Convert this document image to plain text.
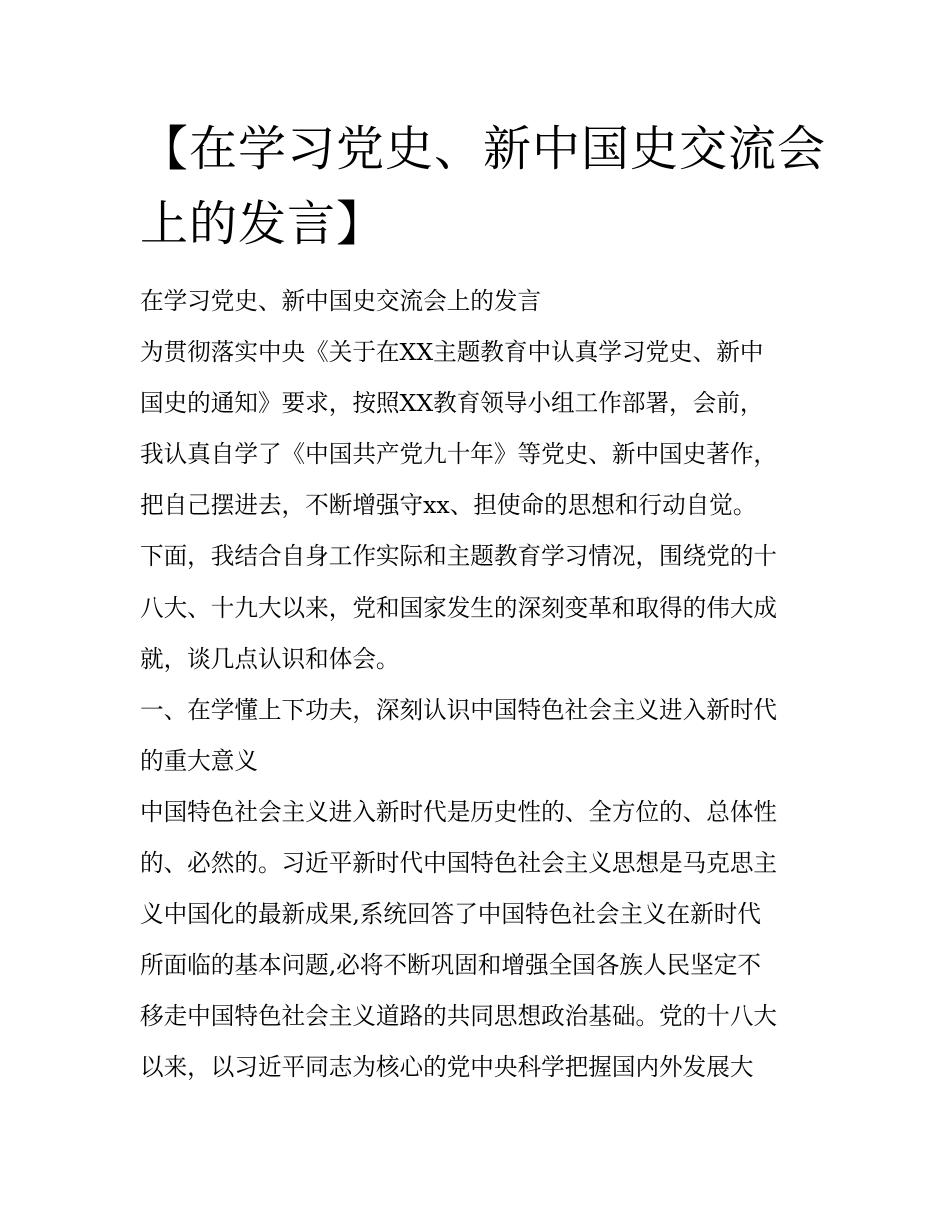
【在学习党史、新中国史交流会上的发言】
在学习党史、新中国史交流会上的发言
为贯彻落实中央《关于在XX主题教育中认真学习党史、新中
国史的通知》要求，按照XX教育领导小组工作部署，会前，
我认真自学了《中国共产党九十年》等党史、新中国史著作，
把自己摆进去，不断增强守xx、担使命的思想和行动自觉。
下面，我结合自身工作实际和主题教育学习情况，围绕党的十
八大、十九大以来，党和国家发生的深刻变革和取得的伟大成
就，谈几点认识和体会。
一、在学懂上下功夫，深刻认识中国特色社会主义进入新时代
的重大意义
中国特色社会主义进入新时代是历史性的、全方位的、总体性
的、必然的。习近平新时代中国特色社会主义思想是马克思主
义中国化的最新成果,系统回答了中国特色社会主义在新时代
所面临的基本问题,必将不断巩固和增强全国各族人民坚定不
移走中国特色社会主义道路的共同思想政治基础。党的十八大
以来，以习近平同志为核心的党中央科学把握国内外发展大
